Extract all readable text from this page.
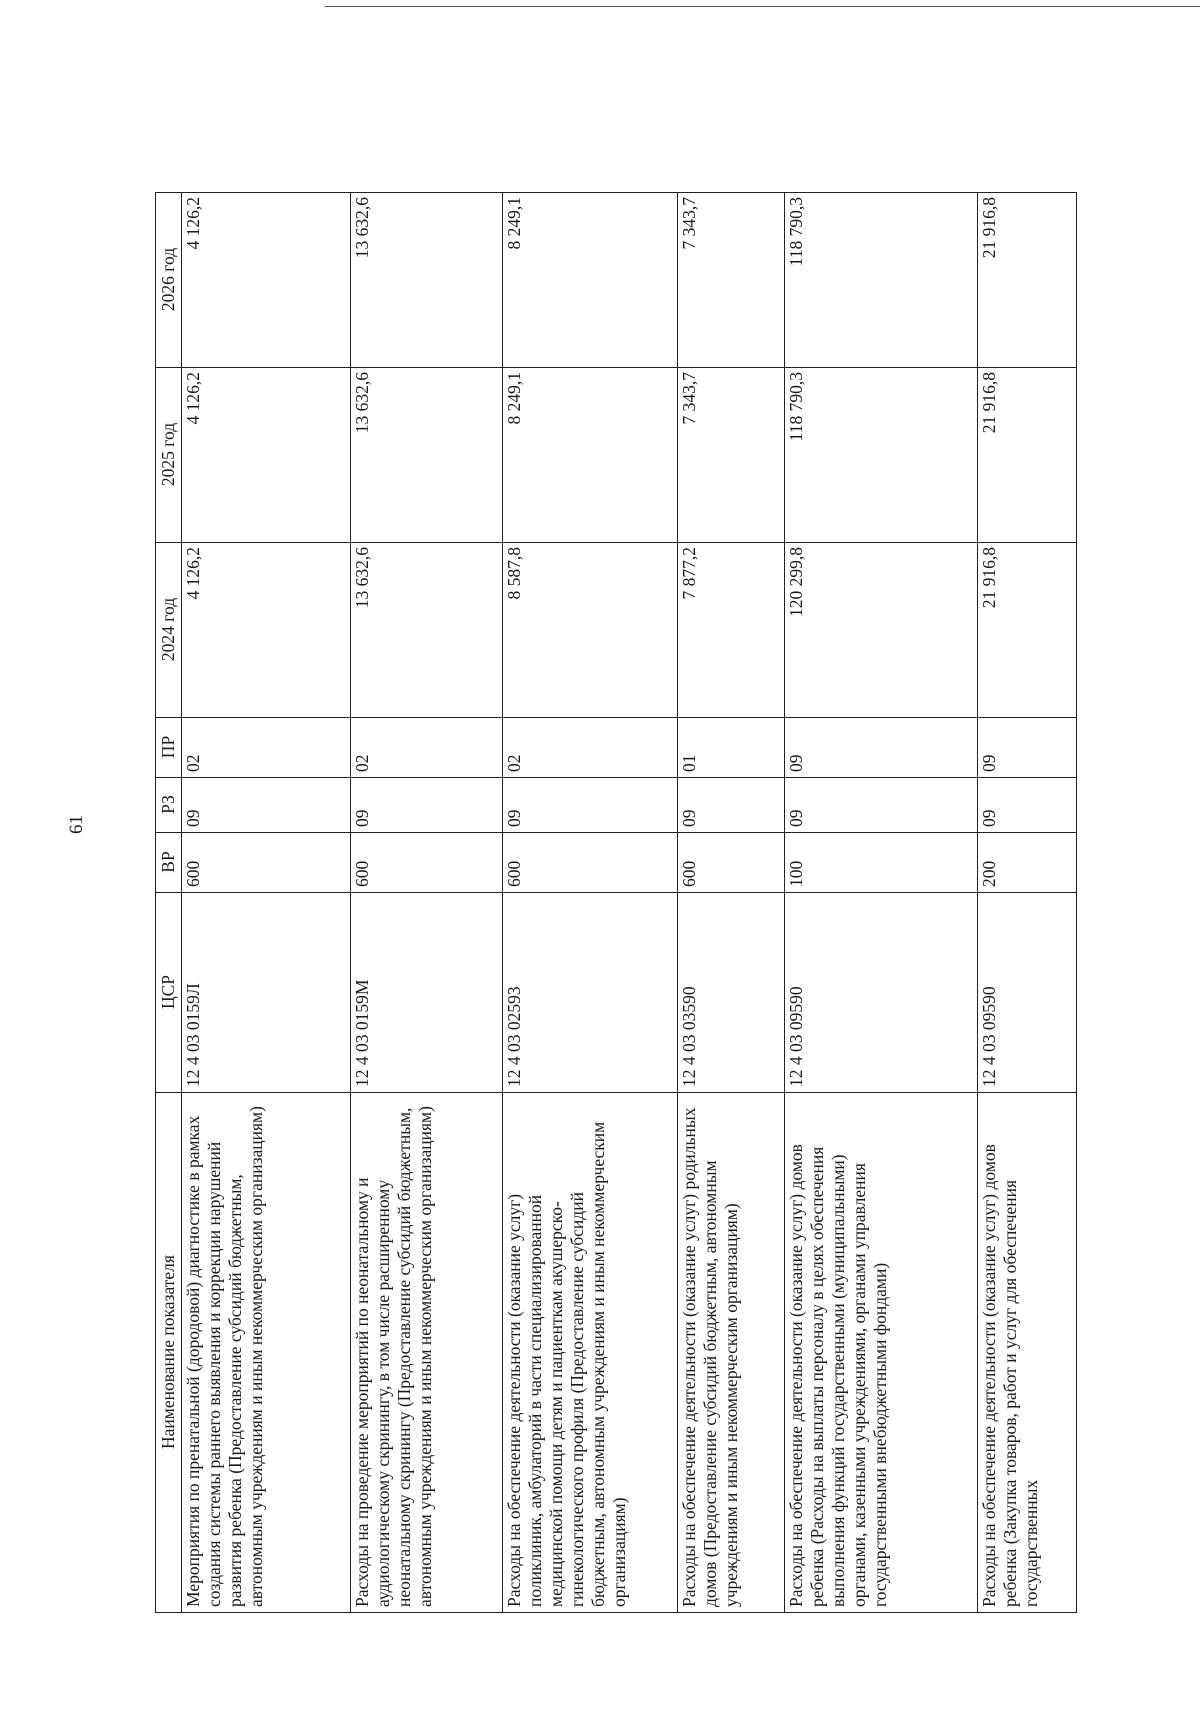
61
Наименование показателя	ЦСР	ВР	РЗ	ПР	2024 год	2025 год	2026 год
Мероприятия по пренатальной (дородовой) диагностике в рамках создания системы раннего выявления и коррекции нарушений развития ребенка (Предоставление субсидий бюджетным, автономным учреждениям и иным некоммерческим организациям)	12 4 03 0159Л	600	09	02	4 126,2	4 126,2	4 126,2
Расходы на проведение мероприятий по неонатальному и аудиологическому скринингу, в том числе расширенному неонатальному скринингу (Предоставление субсидий бюджетным, автономным учреждениям и иным некоммерческим организациям)	12 4 03 0159М	600	09	02	13 632,6	13 632,6	13 632,6
Расходы на обеспечение деятельности (оказание услуг) поликлиник, амбулаторий в части специализированной медицинской помощи детям и пациенткам акушерско-гинекологического профиля (Предоставление субсидий бюджетным, автономным учреждениям и иным некоммерческим организациям)	12 4 03 02593	600	09	02	8 587,8	8 249,1	8 249,1
Расходы на обеспечение деятельности (оказание услуг) родильных домов (Предоставление субсидий бюджетным, автономным учреждениям и иным некоммерческим организациям)	12 4 03 03590	600	09	01	7 877,2	7 343,7	7 343,7
Расходы на обеспечение деятельности (оказание услуг) домов ребенка (Расходы на выплаты персоналу в целях обеспечения выполнения функций государственными (муниципальными) органами, казенными учреждениями, органами управления государственными внебюджетными фондами)	12 4 03 09590	100	09	09	120 299,8	118 790,3	118 790,3
Расходы на обеспечение деятельности (оказание услуг) домов ребенка (Закупка товаров, работ и услуг для обеспечения государственных	12 4 03 09590	200	09	09	21 916,8	21 916,8	21 916,8
